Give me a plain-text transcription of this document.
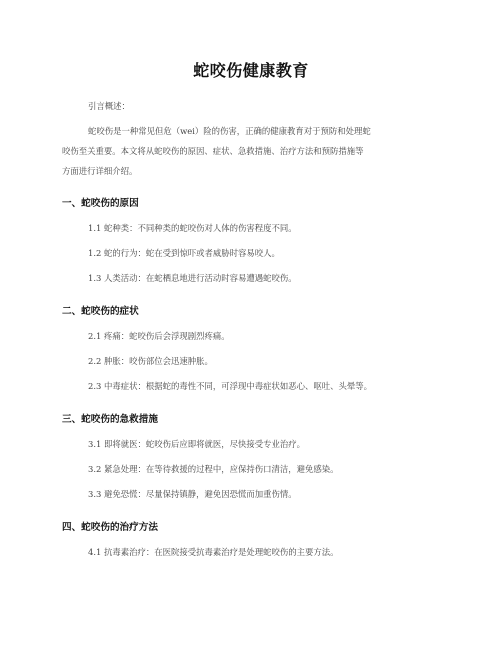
蛇咬伤健康教育
引言概述：
蛇咬伤是一种常见但危（wei）险的伤害，正确的健康教育对于预防和处理蛇
咬伤至关重要。本文将从蛇咬伤的原因、症状、急救措施、治疗方法和预防措施等
方面进行详细介绍。
一、蛇咬伤的原因
1.1 蛇种类：不同种类的蛇咬伤对人体的伤害程度不同。
1.2 蛇的行为：蛇在受到惊吓或者威胁时容易咬人。
1.3 人类活动：在蛇栖息地进行活动时容易遭遇蛇咬伤。
二、蛇咬伤的症状
2.1 疼痛：蛇咬伤后会浮现剧烈疼痛。
2.2 肿胀：咬伤部位会迅速肿胀。
2.3 中毒症状：根据蛇的毒性不同，可浮现中毒症状如恶心、呕吐、头晕等。
三、蛇咬伤的急救措施
3.1 即将就医：蛇咬伤后应即将就医，尽快接受专业治疗。
3.2 紧急处理：在等待救援的过程中，应保持伤口清洁，避免感染。
3.3 避免恐慌：尽量保持镇静，避免因恐慌而加重伤情。
四、蛇咬伤的治疗方法
4.1 抗毒素治疗：在医院接受抗毒素治疗是处理蛇咬伤的主要方法。
